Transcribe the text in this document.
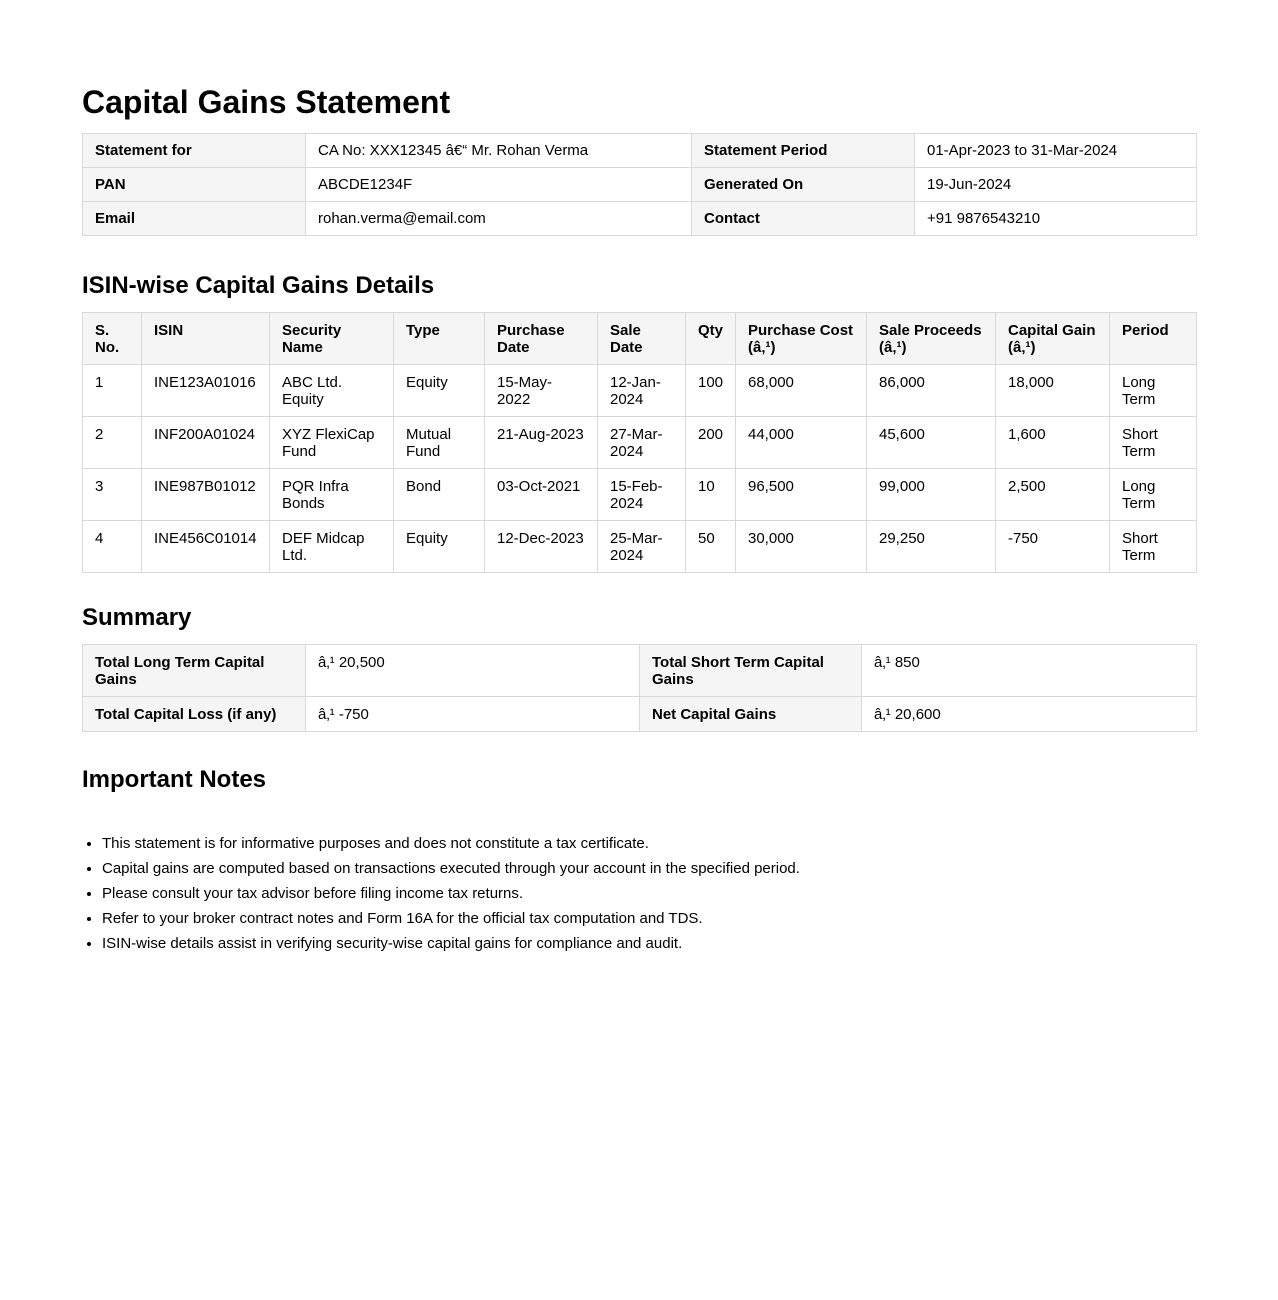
Capital Gains Statement
Statement for	CA No: XXX12345 â€“ Mr. Rohan Verma	Statement Period	01-Apr-2023 to 31-Mar-2024
PAN	ABCDE1234F	Generated On	19-Jun-2024
Email	rohan.verma@email.com	Contact	+91 9876543210
ISIN-wise Capital Gains Details
S. No.	ISIN	Security Name	Type	Purchase Date	Sale Date	Qty	Purchase Cost (â‚¹)	Sale Proceeds (â‚¹)	Capital Gain (â‚¹)	Period
1	INE123A01016	ABC Ltd. Equity	Equity	15-May-2022	12-Jan-2024	100	68,000	86,000	18,000	Long Term
2	INF200A01024	XYZ FlexiCap Fund	Mutual Fund	21-Aug-2023	27-Mar-2024	200	44,000	45,600	1,600	Short Term
3	INE987B01012	PQR Infra Bonds	Bond	03-Oct-2021	15-Feb-2024	10	96,500	99,000	2,500	Long Term
4	INE456C01014	DEF Midcap Ltd.	Equity	12-Dec-2023	25-Mar-2024	50	30,000	29,250	-750	Short Term
Summary
Total Long Term Capital Gains	â‚¹ 20,500	Total Short Term Capital Gains	â‚¹ 850
Total Capital Loss (if any)	â‚¹ -750	Net Capital Gains	â‚¹ 20,600
Important Notes
• This statement is for informative purposes and does not constitute a tax certificate.
• Capital gains are computed based on transactions executed through your account in the specified period.
• Please consult your tax advisor before filing income tax returns.
• Refer to your broker contract notes and Form 16A for the official tax computation and TDS.
• ISIN-wise details assist in verifying security-wise capital gains for compliance and audit.
